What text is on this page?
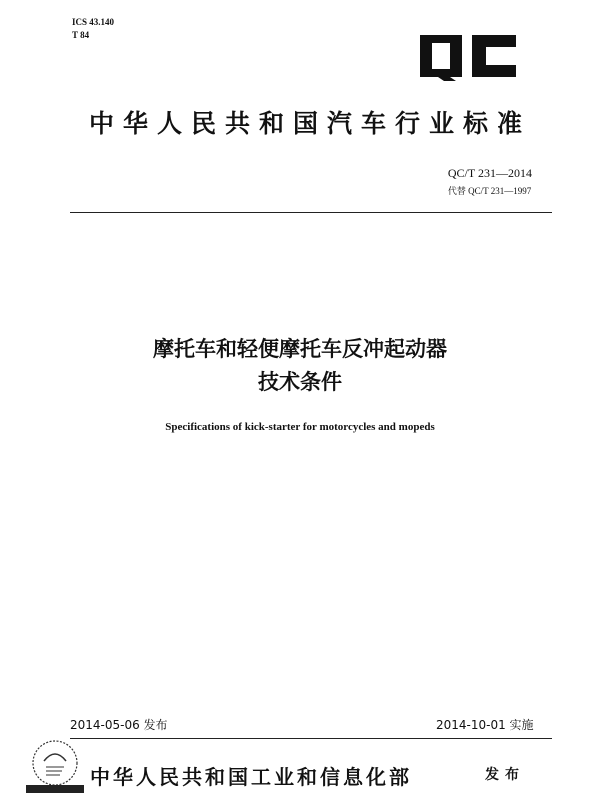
ICS 43.140
T 84
中华人民共和国汽车行业标准
QC/T 231—2014
代替 QC/T 231—1997
摩托车和轻便摩托车反冲起动器
技术条件
Specifications of kick-starter for motorcycles and mopeds
2014-05-06 发布	2014-10-01 实施
中华人民共和国工业和信息化部	发布
